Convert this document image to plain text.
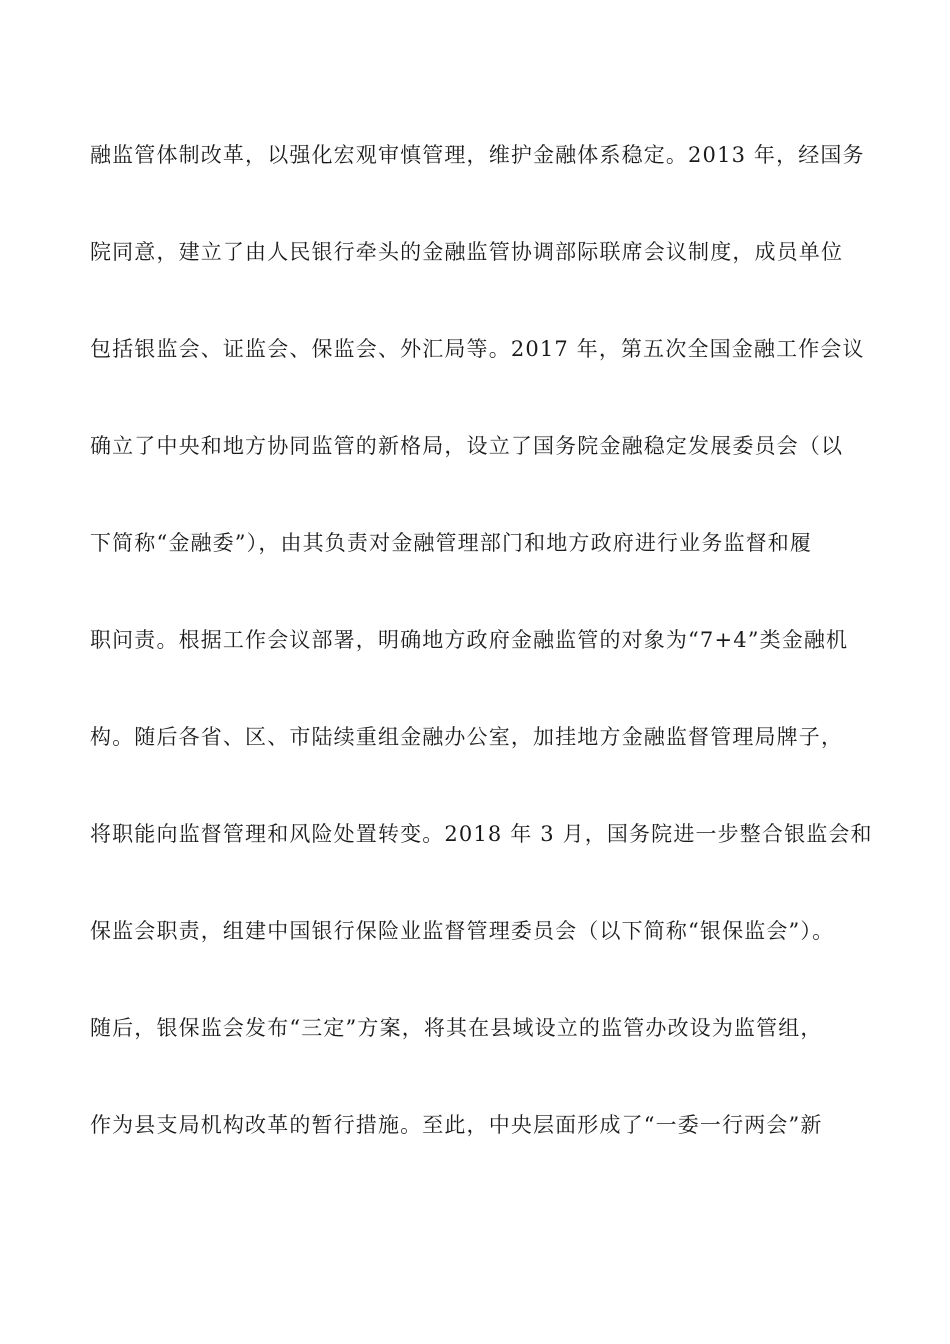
融监管体制改革，以强化宏观审慎管理，维护金融体系稳定。2013 年，经国务
院同意，建立了由人民银行牵头的金融监管协调部际联席会议制度，成员单位
包括银监会、证监会、保监会、外汇局等。2017 年，第五次全国金融工作会议
确立了中央和地方协同监管的新格局，设立了国务院金融稳定发展委员会（以
下简称“金融委”），由其负责对金融管理部门和地方政府进行业务监督和履
职问责。根据工作会议部署，明确地方政府金融监管的对象为“7+4”类金融机
构。随后各省、区、市陆续重组金融办公室，加挂地方金融监督管理局牌子，
将职能向监督管理和风险处置转变。2018 年 3 月，国务院进一步整合银监会和
保监会职责，组建中国银行保险业监督管理委员会（以下简称“银保监会”）。
随后，银保监会发布“三定”方案，将其在县域设立的监管办改设为监管组，
作为县支局机构改革的暂行措施。至此，中央层面形成了“一委一行两会”新
